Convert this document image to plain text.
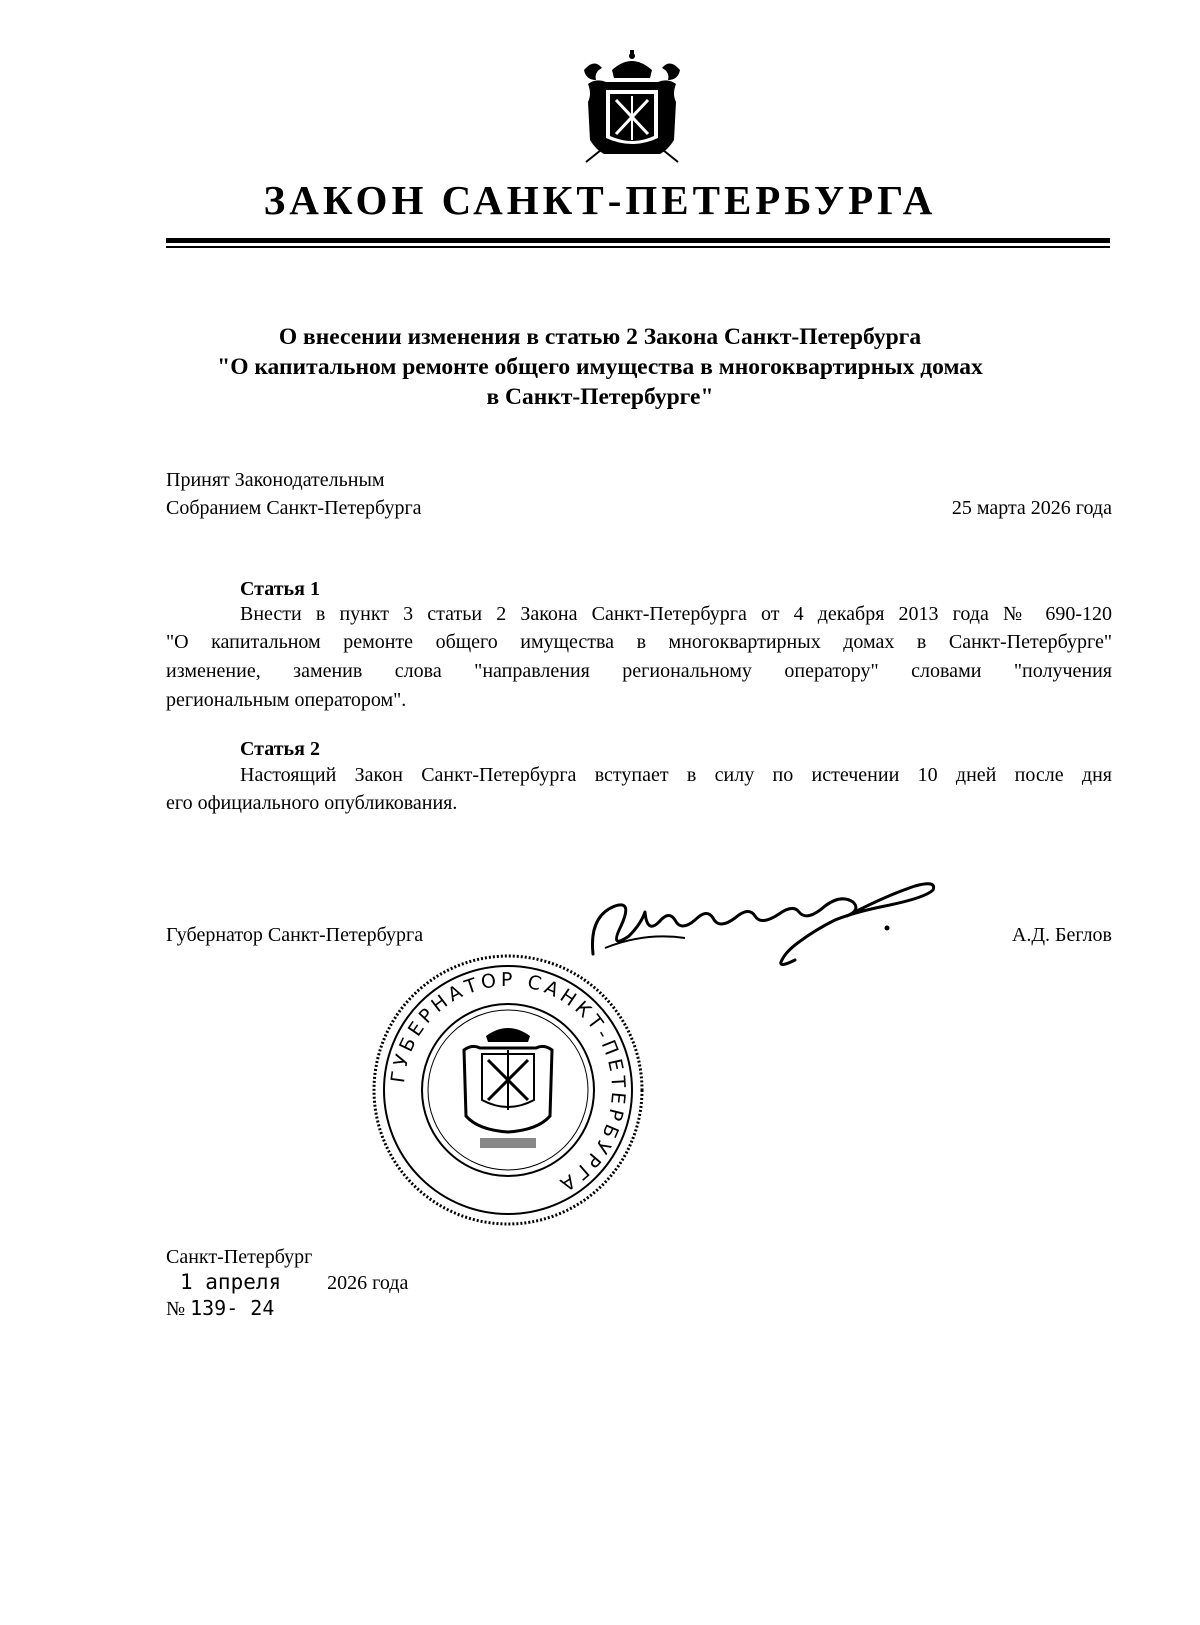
ЗАКОН САНКТ-ПЕТЕРБУРГА
О внесении изменения в статью 2 Закона Санкт-Петербурга
"О капитальном ремонте общего имущества в многоквартирных домах
в Санкт-Петербурге"
Принят Законодательным
Собранием Санкт-Петербурга	25 марта 2026 года
Статья 1
Внести в пункт 3 статьи 2 Закона Санкт-Петербурга от 4 декабря 2013 года № 690-120
"О капитальном ремонте общего имущества в многоквартирных домах в Санкт-Петербурге"
изменение, заменив слова "направления региональному оператору" словами "получения
региональным оператором".
Статья 2
Настоящий Закон Санкт-Петербурга вступает в силу по истечении 10 дней после дня
его официального опубликования.
Губернатор Санкт-Петербурга	А.Д. Беглов
ГУБЕРНАТОР САНКТ-ПЕТЕРБУРГА
Санкт-Петербург
1 апреля 2026 года
№ 139- 24
